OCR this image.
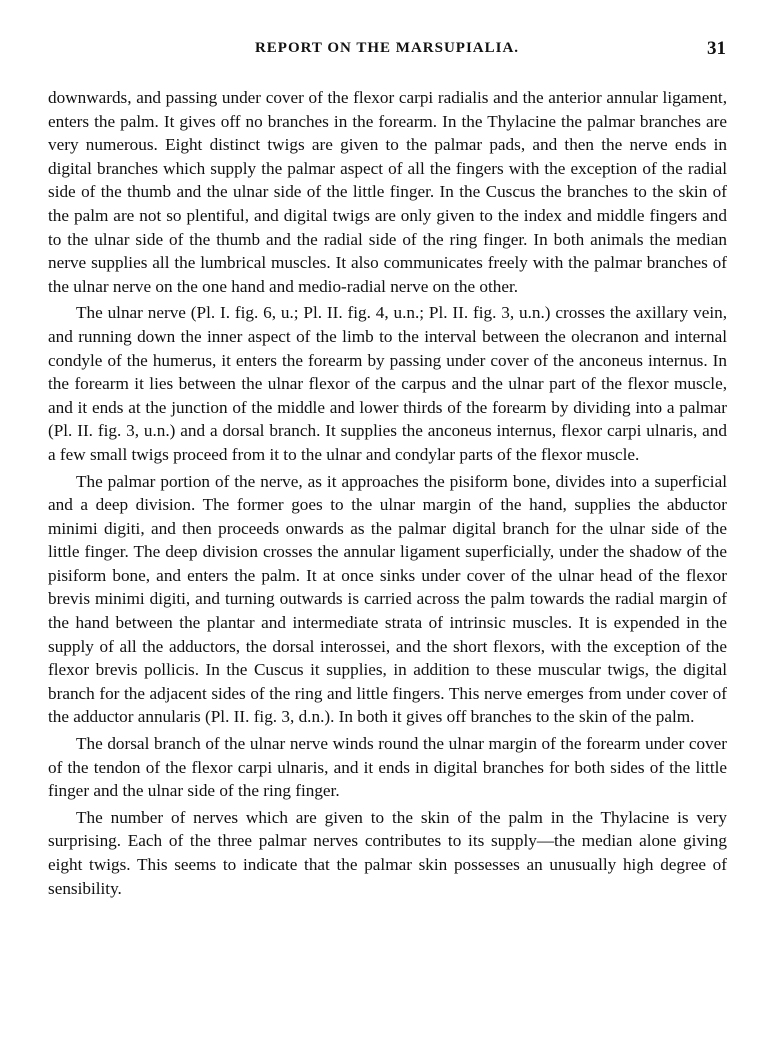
REPORT ON THE MARSUPIALIA.	31

downwards, and passing under cover of the flexor carpi radialis and the anterior annular ligament, enters the palm. It gives off no branches in the forearm. In the Thylacine the palmar branches are very numerous. Eight distinct twigs are given to the palmar pads, and then the nerve ends in digital branches which supply the palmar aspect of all the fingers with the exception of the radial side of the thumb and the ulnar side of the little finger. In the Cuscus the branches to the skin of the palm are not so plentiful, and digital twigs are only given to the index and middle fingers and to the ulnar side of the thumb and the radial side of the ring finger. In both animals the median nerve supplies all the lumbrical muscles. It also communicates freely with the palmar branches of the ulnar nerve on the one hand and medio-radial nerve on the other.

The ulnar nerve (Pl. I. fig. 6, u.; Pl. II. fig. 4, u.n.; Pl. II. fig. 3, u.n.) crosses the axillary vein, and running down the inner aspect of the limb to the interval between the olecranon and internal condyle of the humerus, it enters the forearm by passing under cover of the anconeus internus. In the forearm it lies between the ulnar flexor of the carpus and the ulnar part of the flexor muscle, and it ends at the junction of the middle and lower thirds of the forearm by dividing into a palmar (Pl. II. fig. 3, u.n.) and a dorsal branch. It supplies the anconeus internus, flexor carpi ulnaris, and a few small twigs proceed from it to the ulnar and condylar parts of the flexor muscle.

The palmar portion of the nerve, as it approaches the pisiform bone, divides into a superficial and a deep division. The former goes to the ulnar margin of the hand, supplies the abductor minimi digiti, and then proceeds onwards as the palmar digital branch for the ulnar side of the little finger. The deep division crosses the annular ligament superficially, under the shadow of the pisiform bone, and enters the palm. It at once sinks under cover of the ulnar head of the flexor brevis minimi digiti, and turning outwards is carried across the palm towards the radial margin of the hand between the plantar and intermediate strata of intrinsic muscles. It is expended in the supply of all the adductors, the dorsal interossei, and the short flexors, with the exception of the flexor brevis pollicis. In the Cuscus it supplies, in addition to these muscular twigs, the digital branch for the adjacent sides of the ring and little fingers. This nerve emerges from under cover of the adductor annularis (Pl. II. fig. 3, d.n.). In both it gives off branches to the skin of the palm.

The dorsal branch of the ulnar nerve winds round the ulnar margin of the forearm under cover of the tendon of the flexor carpi ulnaris, and it ends in digital branches for both sides of the little finger and the ulnar side of the ring finger.

The number of nerves which are given to the skin of the palm in the Thylacine is very surprising. Each of the three palmar nerves contributes to its supply—the median alone giving eight twigs. This seems to indicate that the palmar skin possesses an unusually high degree of sensibility.
